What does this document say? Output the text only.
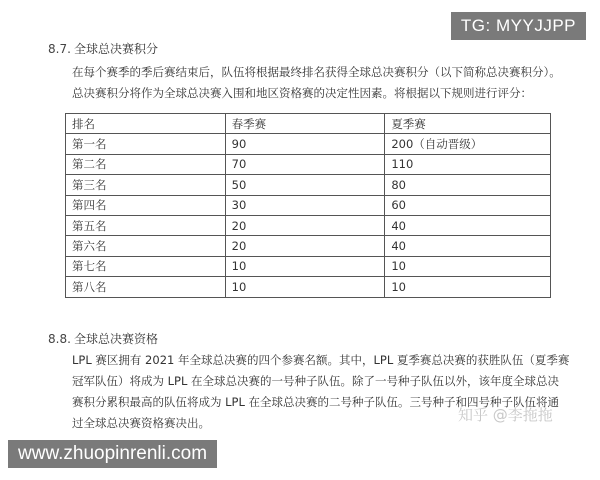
TG: MYYJJPP
8.7. 全球总决赛积分
在每个赛季的季后赛结束后，队伍将根据最终排名获得全球总决赛积分（以下简称总决赛积分）。
总决赛积分将作为全球总决赛入围和地区资格赛的决定性因素。将根据以下规则进行评分：
排名	春季赛	夏季赛
第一名	90	200（自动晋级）
第二名	70	110
第三名	50	80
第四名	30	60
第五名	20	40
第六名	20	40
第七名	10	10
第八名	10	10
8.8. 全球总决赛资格
LPL 赛区拥有 2021 年全球总决赛的四个参赛名额。其中，LPL 夏季赛总决赛的获胜队伍（夏季赛
冠军队伍）将成为 LPL 在全球总决赛的一号种子队伍。除了一号种子队伍以外，该年度全球总决
赛积分累积最高的队伍将成为 LPL 在全球总决赛的二号种子队伍。三号种子和四号种子队伍将通
过全球总决赛资格赛决出。	知乎 @李拖拖
www.zhuopinrenli.com
